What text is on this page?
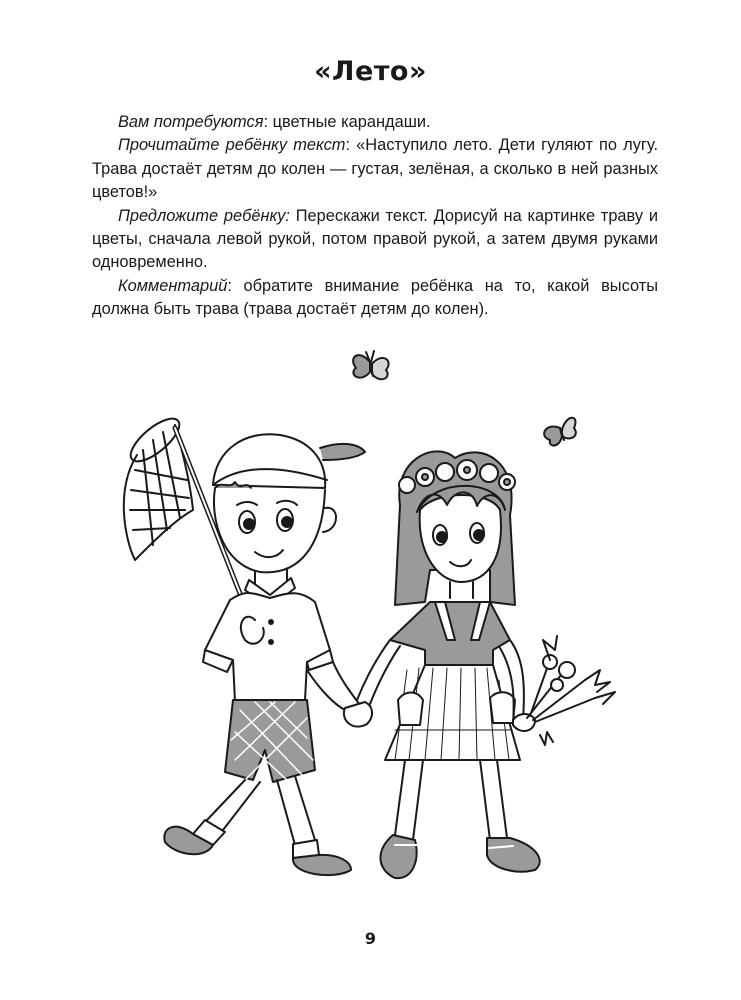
«Лето»

Вам потребуются: цветные карандаши.

Прочитайте ребёнку текст: «Наступило лето. Дети гуляют по лугу. Трава достаёт детям до колен — густая, зелёная, а сколько в ней разных цветов!»

Предложите ребёнку: Перескажи текст. Дорисуй на картинке траву и цветы, сначала левой рукой, потом правой рукой, а затем двумя руками одновременно.

Комментарий: обратите внимание ребёнка на то, какой высоты должна быть трава (трава достаёт детям до колен).

9
